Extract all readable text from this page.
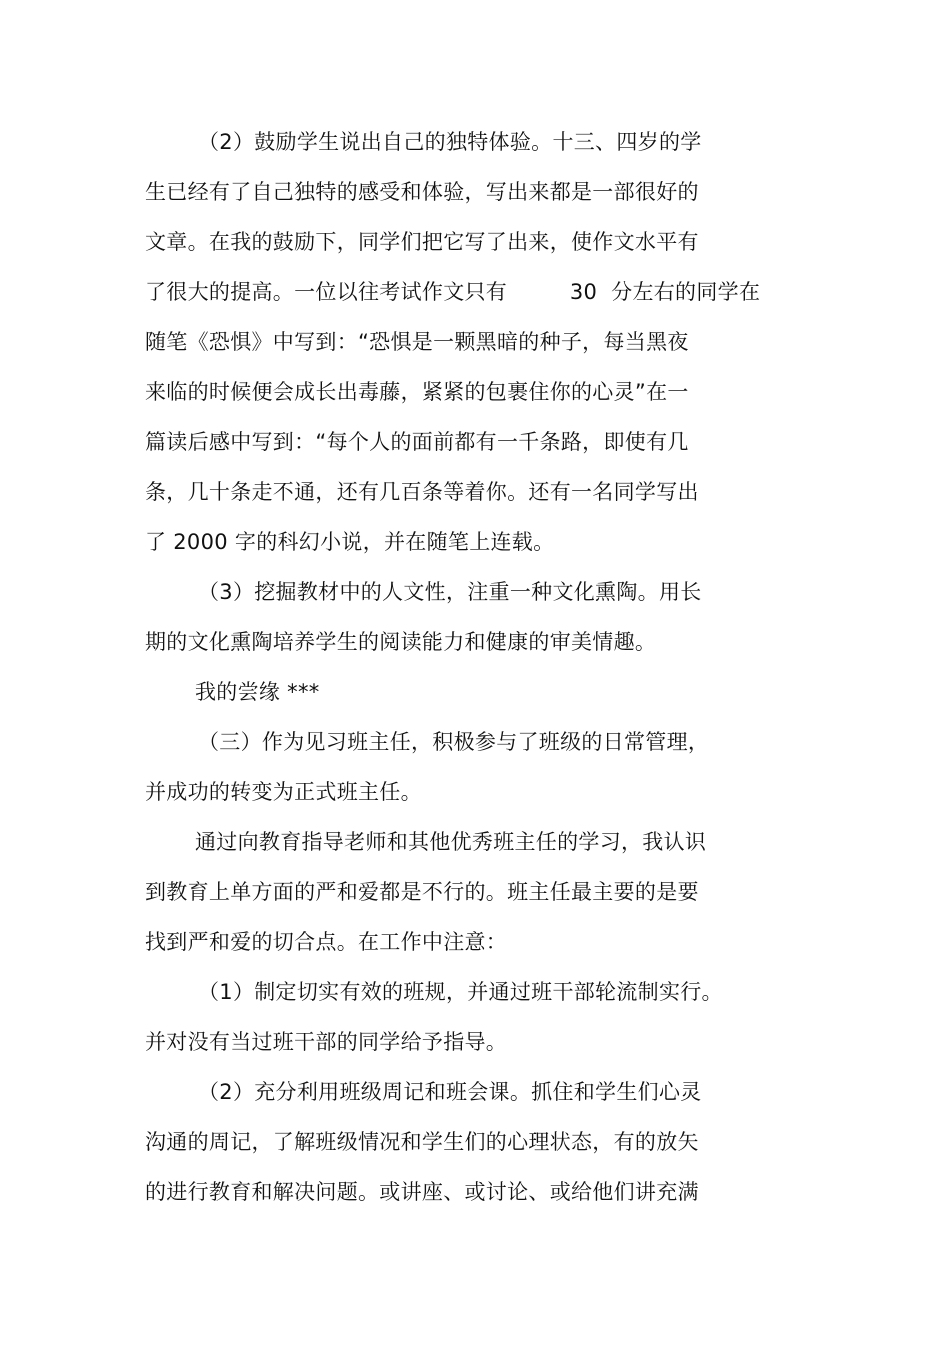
（2）鼓励学生说出自己的独特体验。十三、四岁的学
生已经有了自己独特的感受和体验，写出来都是一部很好的
文章。在我的鼓励下，同学们把它写了出来，使作文水平有
了很大的提高。一位以往考试作文只有         30  分左右的同学在
随笔《恐惧》中写到：“恐惧是一颗黑暗的种子，每当黑夜
来临的时候便会成长出毒藤，紧紧的包裹住你的心灵”在一
篇读后感中写到：“每个人的面前都有一千条路，即使有几
条，几十条走不通，还有几百条等着你。还有一名同学写出
了 2000 字的科幻小说，并在随笔上连载。
（3）挖掘教材中的人文性，注重一种文化熏陶。用长
期的文化熏陶培养学生的阅读能力和健康的审美情趣。
我的尝缘 ***
（三）作为见习班主任，积极参与了班级的日常管理，
并成功的转变为正式班主任。
通过向教育指导老师和其他优秀班主任的学习，我认识
到教育上单方面的严和爱都是不行的。班主任最主要的是要
找到严和爱的切合点。在工作中注意：
（1）制定切实有效的班规，并通过班干部轮流制实行。
并对没有当过班干部的同学给予指导。
（2）充分利用班级周记和班会课。抓住和学生们心灵
沟通的周记，了解班级情况和学生们的心理状态，有的放矢
的进行教育和解决问题。或讲座、或讨论、或给他们讲充满
